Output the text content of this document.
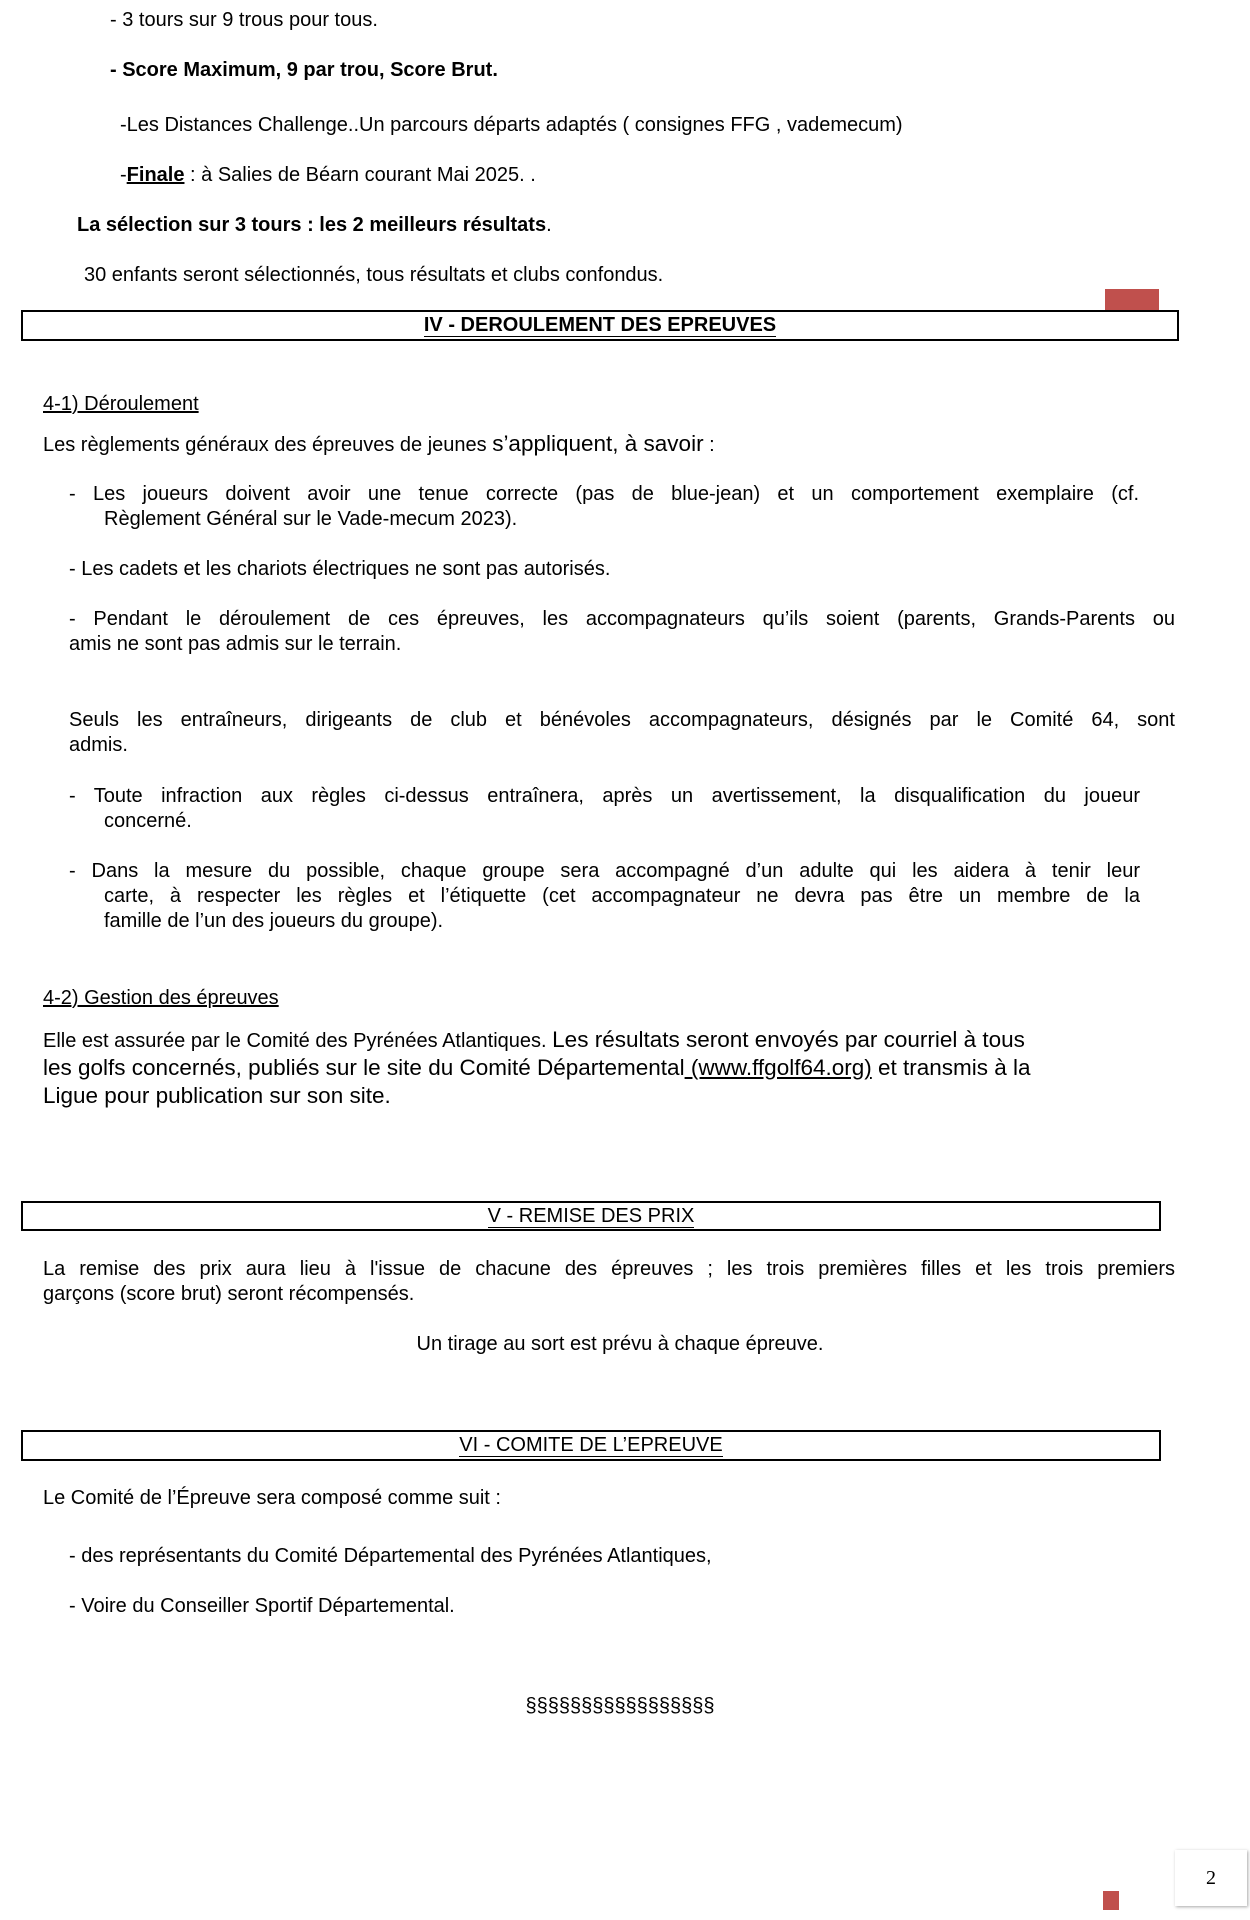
- 3 tours sur 9 trous pour tous.

- Score Maximum, 9 par trou, Score Brut.

-Les Distances Challenge..Un parcours départs adaptés ( consignes FFG , vademecum)

-Finale : à Salies de Béarn courant Mai 2025. .

La sélection sur 3 tours : les 2 meilleurs résultats.

30 enfants seront sélectionnés, tous résultats et clubs confondus.

IV - DEROULEMENT DES EPREUVES

4-1) Déroulement

Les règlements généraux des épreuves de jeunes s’appliquent, à savoir :

- Les joueurs doivent avoir une tenue correcte (pas de blue-jean) et un comportement exemplaire (cf.

Règlement Général sur le Vade-mecum 2023).

- Les cadets et les chariots électriques ne sont pas autorisés.

- Pendant le déroulement de ces épreuves, les accompagnateurs qu’ils soient (parents, Grands-Parents ou

amis ne sont pas admis sur le terrain.

Seuls les entraîneurs, dirigeants de club et bénévoles accompagnateurs, désignés par le Comité 64, sont

admis.

- Toute infraction aux règles ci-dessus entraînera, après un avertissement, la disqualification du joueur

concerné.

- Dans la mesure du possible, chaque groupe sera accompagné d’un adulte qui les aidera à tenir leur

carte, à respecter les règles et l’étiquette (cet accompagnateur ne devra pas être un membre de la

famille de l’un des joueurs du groupe).

4-2) Gestion des épreuves

Elle est assurée par le Comité des Pyrénées Atlantiques. Les résultats seront envoyés par courriel à tous

les golfs concernés, publiés sur le site du Comité Départemental (www.ffgolf64.org) et transmis à la

Ligue pour publication sur son site.

V - REMISE DES PRIX

La remise des prix aura lieu à l'issue de chacune des épreuves ; les trois premières filles et les trois premiers

garçons (score brut) seront récompensés.

Un tirage au sort est prévu à chaque épreuve.

VI - COMITE DE L’EPREUVE

Le Comité de l’Épreuve sera composé comme suit :

- des représentants du Comité Départemental des Pyrénées Atlantiques,

- Voire du Conseiller Sportif Départemental.

§§§§§§§§§§§§§§§§§

2
